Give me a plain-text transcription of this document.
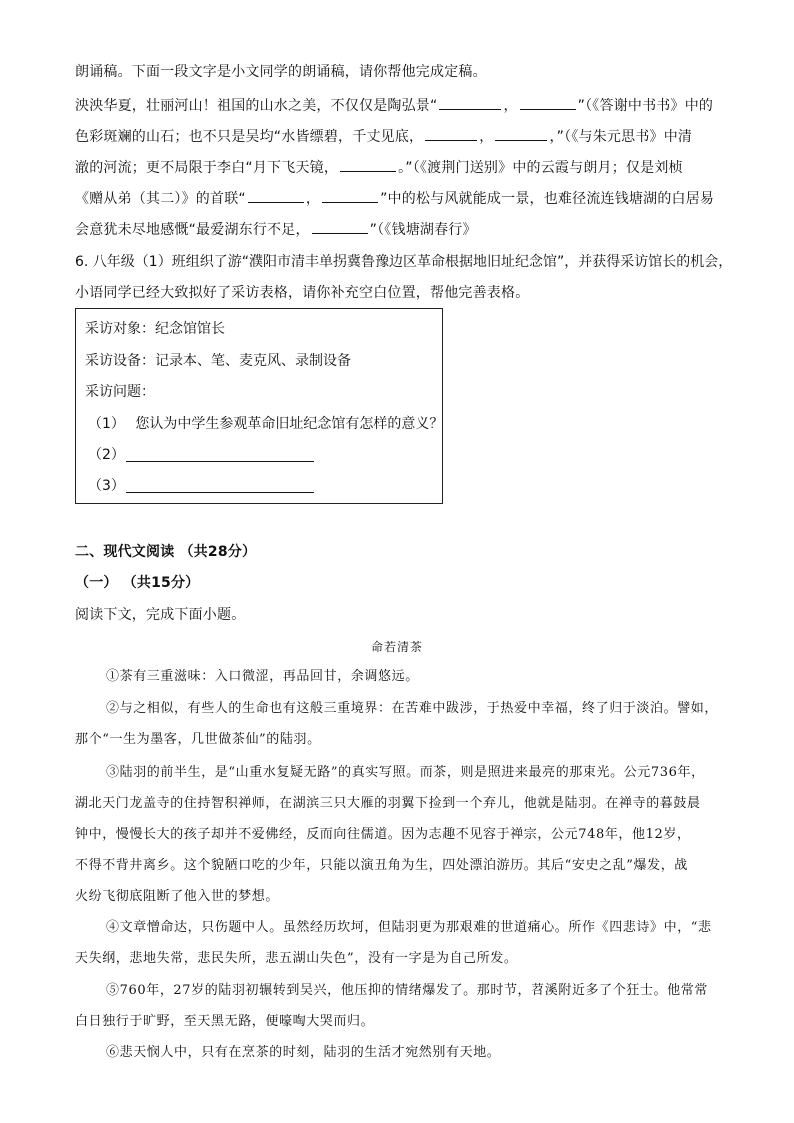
朗诵稿。下面一段文字是小文同学的朗诵稿，请你帮他完成定稿。
泱泱华夏，壮丽河山！祖国的山水之美，不仅仅是陶弘景“	，	”（《答谢中书书》中的
色彩斑斓的山石；也不只是吴均“水皆缥碧，千丈见底，	，	，”（《与朱元思书》中清
澈的河流；更不局限于李白“月下飞天镜，	。”（《渡荆门送别》中的云霞与朗月；仅是刘桢
《赠从弟（其二）》的首联“	，	”中的松与风就能成一景，也难径流连钱塘湖的白居易
会意犹未尽地感慨“最爱湖东行不足，	”（《钱塘湖春行》
6. 八年级（1）班组织了游“濮阳市清丰单拐冀鲁豫边区革命根据地旧址纪念馆”，并获得采访馆长的机会，
小语同学已经大致拟好了采访表格，请你补充空白位置，帮他完善表格。
采访对象：纪念馆馆长
采访设备：记录本、笔、麦克风、录制设备
采访问题：
（1） 您认为中学生参观革命旧址纪念馆有怎样的意义？
（2）
（3）
二、现代文阅读 （共28分）
（一） （共15分）
阅读下文，完成下面小题。
命若清茶
①茶有三重滋味：入口微涩，再品回甘，余调悠远。
②与之相似，有些人的生命也有这般三重境界：在苦难中跋涉，于热爱中幸福，终了归于淡泊。譬如，
那个“一生为墨客，几世做茶仙”的陆羽。
③陆羽的前半生，是“山重水复疑无路”的真实写照。而茶，则是照进来最亮的那束光。公元736年，
湖北天门龙盖寺的住持智积禅师，在湖滨三只大雁的羽翼下捡到一个弃儿，他就是陆羽。在禅寺的暮鼓晨
钟中，慢慢长大的孩子却并不爱佛经，反而向往儒道。因为志趣不见容于禅宗，公元748年，他12岁，
不得不背井离乡。这个貌陋口吃的少年，只能以演丑角为生，四处漂泊游历。其后“安史之乱”爆发，战
火纷飞彻底阻断了他入世的梦想。
④文章憎命达，只伤题中人。虽然经历坎坷，但陆羽更为那艰难的世道痛心。所作《四悲诗》中，“悲
天失纲，悲地失常，悲民失所，悲五湖山失色”，没有一字是为自己所发。
⑤760年，27岁的陆羽初辗转到吴兴，他压抑的情绪爆发了。那时节，苕溪附近多了个狂士。他常常
白日独行于旷野，至天黑无路，便嚎啕大哭而归。
⑥悲天悯人中，只有在烹茶的时刻，陆羽的生活才宛然别有天地。
